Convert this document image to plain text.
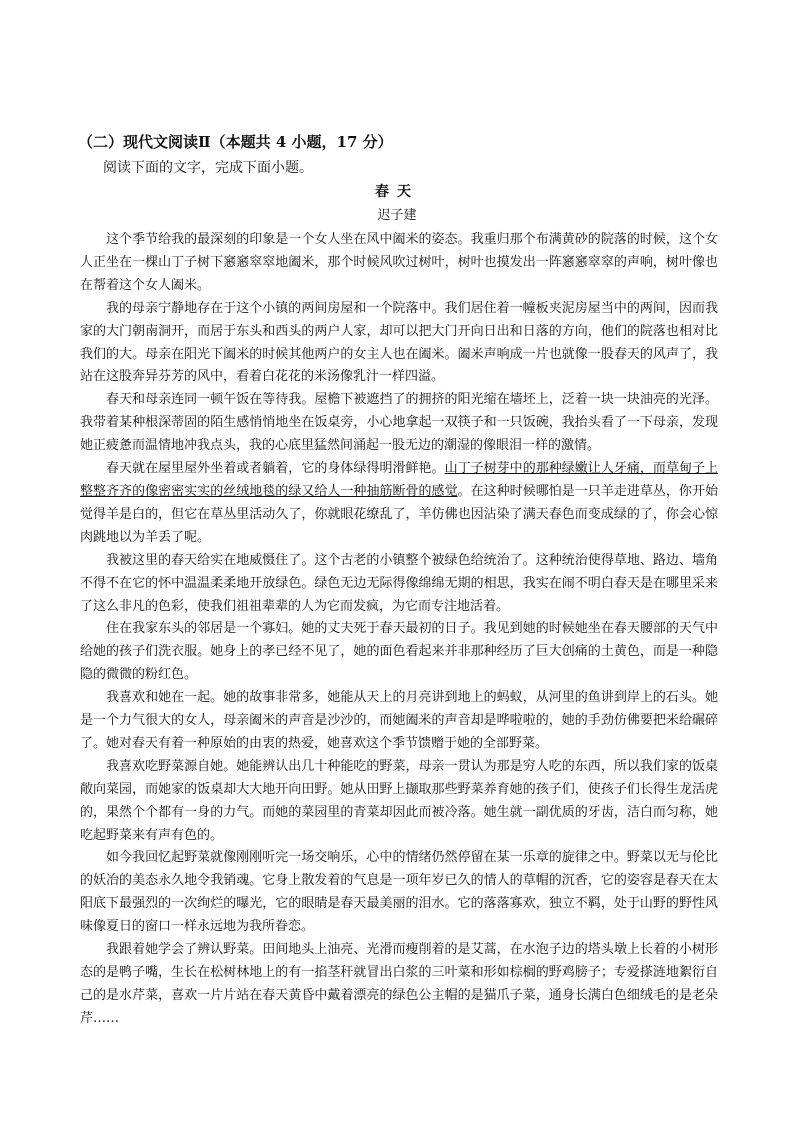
（二）现代文阅读Ⅱ（本题共 4 小题，17 分）
阅读下面的文字，完成下面小题。
春天
迟子建

这个季节给我的最深刻的印象是一个女人坐在风中阖米的姿态。我重归那个布满黄砂的院落的时候，这个女人正坐在一棵山丁子树下窸窸窣窣地阖米，那个时候风吹过树叶，树叶也摸发出一阵窸窸窣窣的声响，树叶像也在帮着这个女人阖米。

我的母亲宁静地存在于这个小镇的两间房屋和一个院落中。我们居住着一幢板夹泥房屋当中的两间，因而我家的大门朝南洞开，而居于东头和西头的两户人家，却可以把大门开向日出和日落的方向，他们的院落也相对比我们的大。母亲在阳光下阖米的时候其他两户的女主人也在阖米。阖米声响成一片也就像一股春天的风声了，我站在这股奔异芬芳的风中，看着白花花的米汤像乳汁一样四溢。

春天和母亲连同一顿午饭在等待我。屋檐下被遮挡了的拥挤的阳光缩在墙坯上，泛着一块一块油亮的光泽。我带着某种根深蒂固的陌生感悄悄地坐在饭桌旁，小心地拿起一双筷子和一只饭碗，我抬头看了一下母亲，发现她正疲惫而温情地冲我点头，我的心底里猛然间涌起一股无边的潮湿的像眼泪一样的激情。

春天就在屋里屋外坐着或者躺着，它的身体绿得明滑鲜艳。山丁子树芽中的那种绿嫩让人牙痛，而草甸子上整整齐齐的像密密实实的丝绒地毯的绿又给人一种抽筋断骨的感觉。在这种时候哪怕是一只羊走进草丛，你开始觉得羊是白的，但它在草丛里活动久了，你就眼花缭乱了，羊仿佛也因沾染了满天春色而变成绿的了，你会心惊肉跳地以为羊丢了呢。

我被这里的春天给实在地威慑住了。这个古老的小镇整个被绿色给统治了。这种统治使得草地、路边、墙角不得不在它的怀中温温柔柔地开放绿色。绿色无边无际得像绵绵无期的相思，我实在闹不明白春天是在哪里采来了这么非凡的色彩，使我们祖祖辈辈的人为它而发疯，为它而专注地活着。

住在我家东头的邻居是一个寡妇。她的丈夫死于春天最初的日子。我见到她的时候她坐在春天腰部的天气中给她的孩子们洗衣服。她身上的孝已经不见了，她的面色看起来并非那种经历了巨大创痛的土黄色，而是一种隐隐的微微的粉红色。

我喜欢和她在一起。她的故事非常多，她能从天上的月亮讲到地上的蚂蚁，从河里的鱼讲到岸上的石头。她是一个力气很大的女人，母亲阖米的声音是沙沙的，而她阖米的声音却是哗啦啦的，她的手劲仿佛要把米给碾碎了。她对春天有着一种原始的由衷的热爱，她喜欢这个季节馈赠于她的全部野菜。

我喜欢吃野菜源自她。她能辨认出几十种能吃的野菜，母亲一贯认为那是穷人吃的东西，所以我们家的饭桌敞向菜园，而她家的饭桌却大大地开向田野。她从田野上撷取那些野菜养育她的孩子们，使孩子们长得生龙活虎的，果然个个都有一身的力气。而她的菜园里的青菜却因此而被冷落。她生就一副优质的牙齿，洁白而匀称，她吃起野菜来有声有色的。

如今我回忆起野菜就像刚刚听完一场交响乐，心中的情绪仍然停留在某一乐章的旋律之中。野菜以无与伦比的妖冶的美态永久地令我销魂。它身上散发着的气息是一项年岁已久的情人的草帽的沉香，它的姿容是春天在太阳底下最强烈的一次绚烂的曝光，它的眼睛是春天最美丽的泪水。它的落落寡欢，独立不羁，处于山野的野性风味像夏日的窗口一样永远地为我所眷恋。

我跟着她学会了辨认野菜。田间地头上油亮、光滑而瘦削着的是艾蒿，在水泡子边的塔头墩上长着的小树形态的是鸭子嘴，生长在松树林地上的有一掐茎秆就冒出白浆的三叶菜和形如棕榈的野鸡膀子；专爱搽涟地絮衍自己的是水芹菜，喜欢一片片站在春天黄昏中戴着漂亮的绿色公主帽的是猫爪子菜，通身长满白色细绒毛的是老朵芹……
